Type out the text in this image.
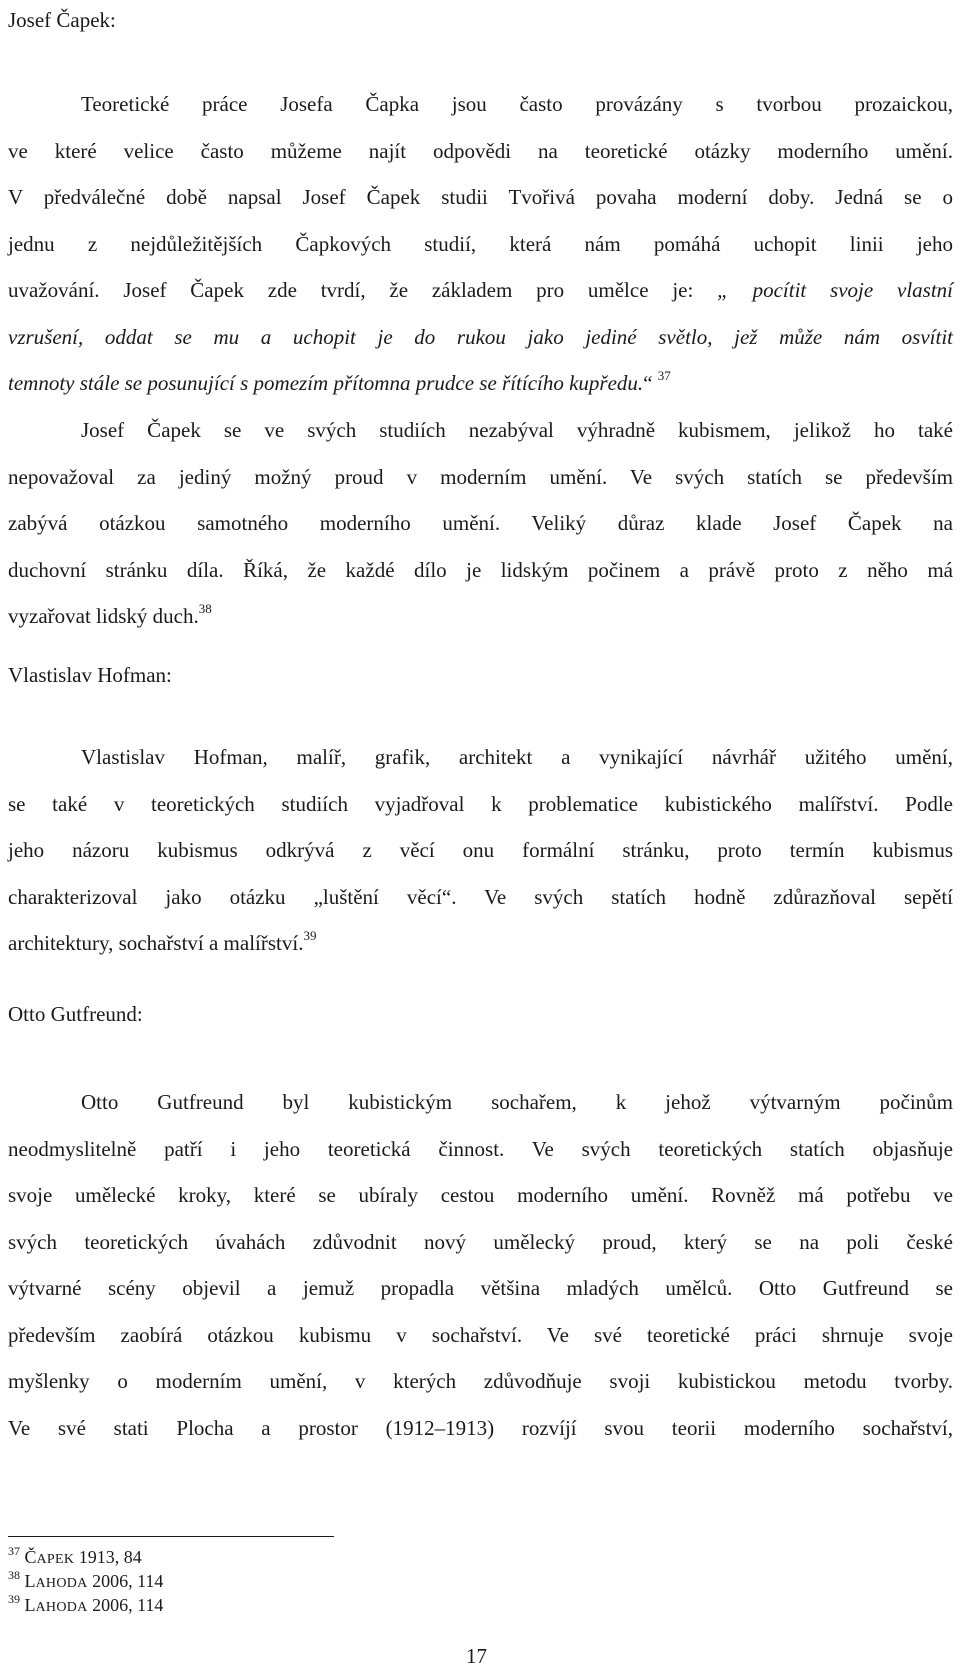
Josef Čapek:
Teoretické práce Josefa Čapka jsou často provázány s tvorbou prozaickou,
ve které velice často můžeme najít odpovědi na teoretické otázky moderního umění.
V předválečné době napsal Josef Čapek studii Tvořivá povaha moderní doby. Jedná se o
jednu z nejdůležitějších Čapkových studií, která nám pomáhá uchopit linii jeho
uvažování. Josef Čapek zde tvrdí, že základem pro umělce je: „ pocítit svoje vlastní
vzrušení, oddat se mu a uchopit je do rukou jako jediné světlo, jež může nám osvítit
temnoty stále se posunující s pomezím přítomna prudce se řítícího kupředu.“ $^{37}$
Josef Čapek se ve svých studiích nezabýval výhradně kubismem, jelikož ho také
nepovažoval za jediný možný proud v moderním umění. Ve svých statích se především
zabývá otázkou samotného moderního umění. Veliký důraz klade Josef Čapek na
duchovní stránku díla. Říká, že každé dílo je lidským počinem a právě proto z něho má
vyzařovat lidský duch.$^{38}$
Vlastislav Hofman:
Vlastislav Hofman, malíř, grafik, architekt a vynikající návrhář užitého umění,
se také v teoretických studiích vyjadřoval k problematice kubistického malířství. Podle
jeho názoru kubismus odkrývá z věcí onu formální stránku, proto termín kubismus
charakterizoval jako otázku „luštění věcí“. Ve svých statích hodně zdůrazňoval sepětí
architektury, sochařství a malířství.$^{39}$
Otto Gutfreund:
Otto Gutfreund byl kubistickým sochařem, k jehož výtvarným počinům
neodmyslitelně patří i jeho teoretická činnost. Ve svých teoretických statích objasňuje
svoje umělecké kroky, které se ubíraly cestou moderního umění. Rovněž má potřebu ve
svých teoretických úvahách zdůvodnit nový umělecký proud, který se na poli české
výtvarné scény objevil a jemuž propadla většina mladých umělců. Otto Gutfreund se
především zaobírá otázkou kubismu v sochařství. Ve své teoretické práci shrnuje svoje
myšlenky o moderním umění, v kterých zdůvodňuje svoji kubistickou metodu tvorby.
Ve své stati Plocha a prostor (1912–1913) rozvíjí svou teorii moderního sochařství,
$^{37}$ ČAPEK 1913, 84
$^{38}$ LAHODA 2006, 114
$^{39}$ LAHODA 2006, 114
17
